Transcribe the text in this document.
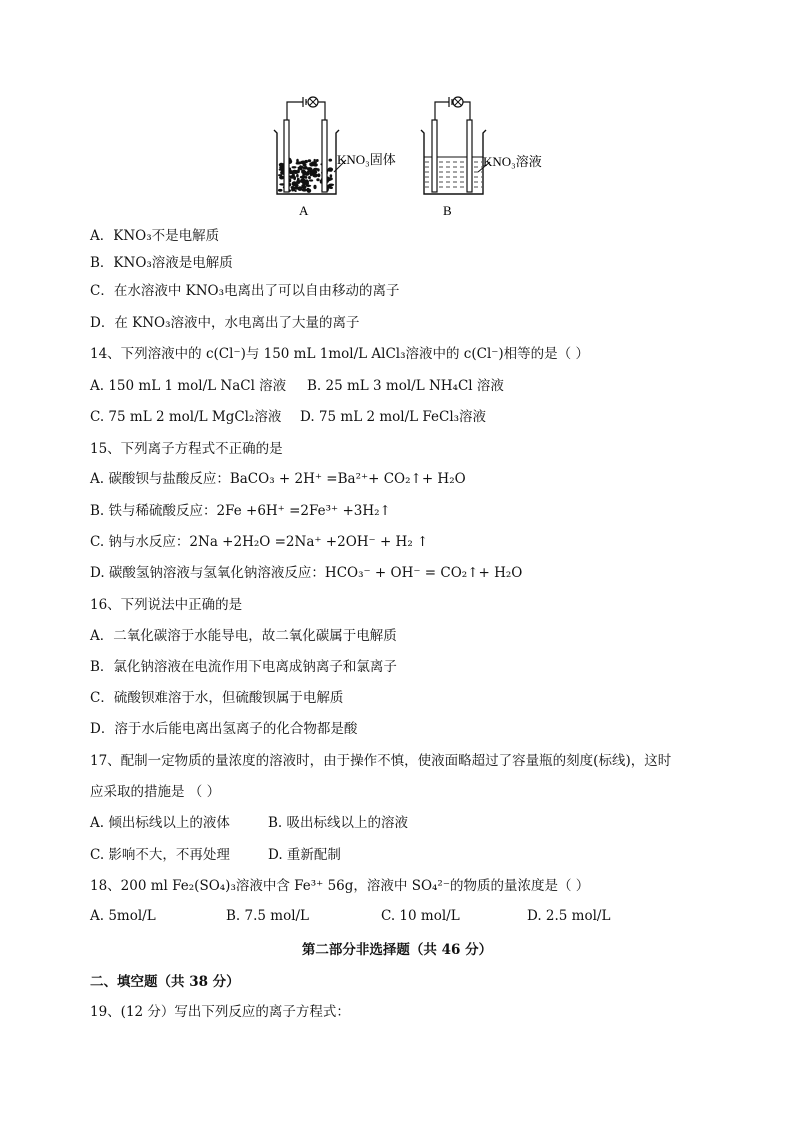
KNO₃固体
A
KNO₃溶液
B
A．KNO₃不是电解质
B．KNO₃溶液是电解质
C．在水溶液中 KNO₃电离出了可以自由移动的离子
D．在 KNO₃溶液中，水电离出了大量的离子
14、下列溶液中的 c(Cl⁻)与 150 mL 1mol/L AlCl₃溶液中的 c(Cl⁻)相等的是（ ）
A. 150 mL 1 mol/L NaCl 溶液 B. 25 mL 3 mol/L NH₄Cl 溶液
C. 75 mL 2 mol/L MgCl₂溶液 D. 75 mL 2 mol/L FeCl₃溶液
15、下列离子方程式不正确的是
A. 碳酸钡与盐酸反应：BaCO₃ + 2H⁺ =Ba²⁺+ CO₂↑+ H₂O
B. 铁与稀硫酸反应：2Fe +6H⁺ =2Fe³⁺ +3H₂↑
C. 钠与水反应：2Na +2H₂O =2Na⁺ +2OH⁻ + H₂ ↑
D. 碳酸氢钠溶液与氢氧化钠溶液反应：HCO₃⁻ + OH⁻ = CO₂↑+ H₂O
16、下列说法中正确的是
A．二氧化碳溶于水能导电，故二氧化碳属于电解质
B．氯化钠溶液在电流作用下电离成钠离子和氯离子
C．硫酸钡难溶于水，但硫酸钡属于电解质
D．溶于水后能电离出氢离子的化合物都是酸
17、配制一定物质的量浓度的溶液时，由于操作不慎，使液面略超过了容量瓶的刻度(标线)，这时
应采取的措施是 （ ）
A. 倾出标线以上的液体	B. 吸出标线以上的溶液
C. 影响不大，不再处理	D. 重新配制
18、200 ml Fe₂(SO₄)₃溶液中含 Fe³⁺ 56g，溶液中 SO₄²⁻的物质的量浓度是（ ）
A. 5mol/L	B. 7.5 mol/L	C. 10 mol/L	D. 2.5 mol/L
第二部分非选择题（共 46 分）
二、填空题（共 38 分）
19、(12 分）写出下列反应的离子方程式：
